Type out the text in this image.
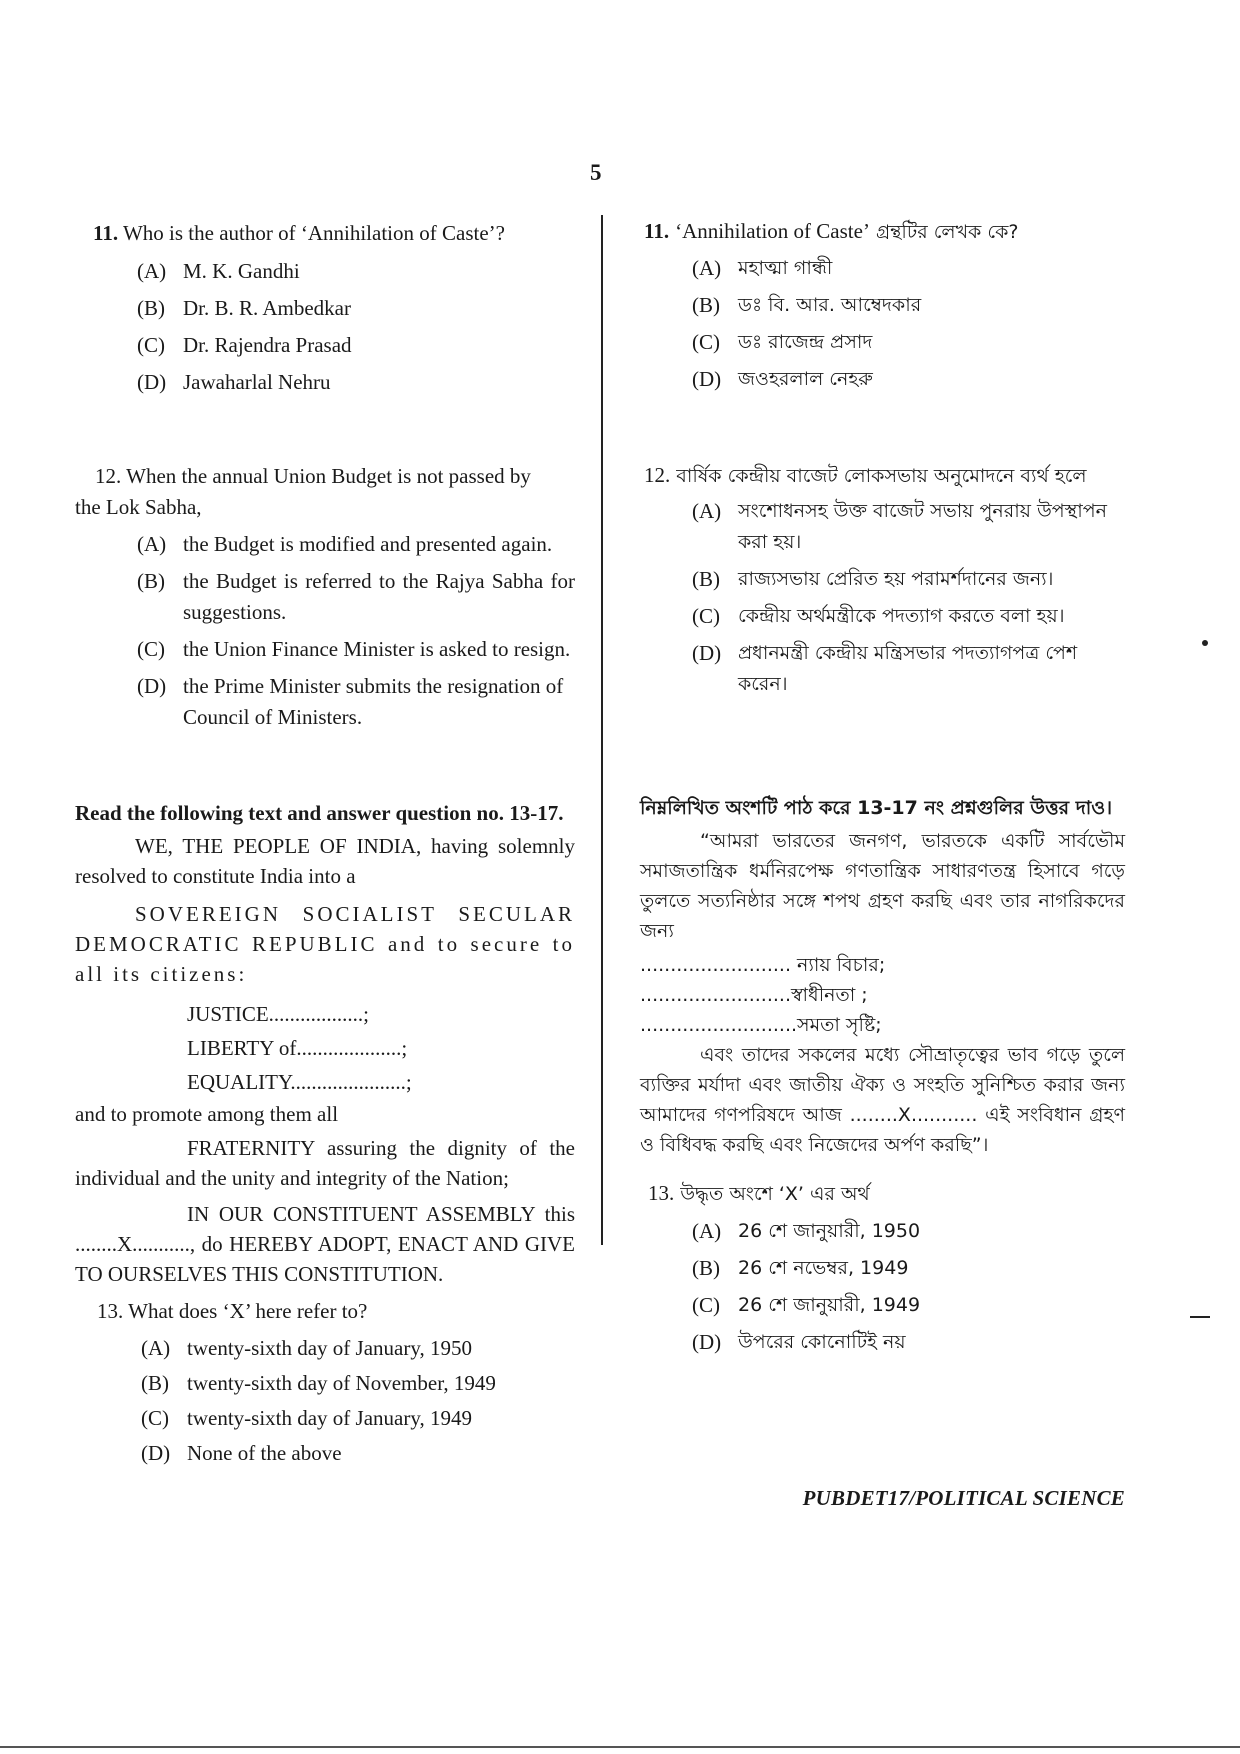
5
11. Who is the author of ‘Annihilation of Caste’?
(A) M. K. Gandhi
(B) Dr. B. R. Ambedkar
(C) Dr. Rajendra Prasad
(D) Jawaharlal Nehru
12. When the annual Union Budget is not passed by
the Lok Sabha,
(A) the Budget is modified and presented again.
(B) the Budget is referred to the Rajya Sabha for suggestions.
(C) the Union Finance Minister is asked to resign.
(D) the Prime Minister submits the resignation of Council of Ministers.
Read the following text and answer question no. 13-17.

WE, THE PEOPLE OF INDIA, having solemnly resolved to constitute India into a

SOVEREIGN SOCIALIST SECULAR DEMOCRATIC REPUBLIC and to secure to all its citizens:

JUSTICE..................;

LIBERTY of....................;

EQUALITY......................;

and to promote among them all

FRATERNITY assuring the dignity of the individual and the unity and integrity of the Nation;

IN OUR CONSTITUENT ASSEMBLY this ........X..........., do HEREBY ADOPT, ENACT AND GIVE TO OURSELVES THIS CONSTITUTION.

13. What does ‘X’ here refer to?
(A) twenty-sixth day of January, 1950
(B) twenty-sixth day of November, 1949
(C) twenty-sixth day of January, 1949
(D) None of the above
11. ‘Annihilation of Caste’ গ্রন্থটির লেখক কে?
(A) মহাত্মা গান্ধী
(B) ডঃ বি. আর. আম্বেদকার
(C) ডঃ রাজেন্দ্র প্রসাদ
(D) জওহরলাল নেহরু
12. বার্ষিক কেন্দ্রীয় বাজেট লোকসভায় অনুমোদনে ব্যর্থ হলে
(A) সংশোধনসহ উক্ত বাজেট সভায় পুনরায় উপস্থাপন করা হয়।
(B) রাজ্যসভায় প্রেরিত হয় পরামর্শদানের জন্য।
(C) কেন্দ্রীয় অর্থমন্ত্রীকে পদত্যাগ করতে বলা হয়।
(D) প্রধানমন্ত্রী কেন্দ্রীয় মন্ত্রিসভার পদত্যাগপত্র পেশ করেন।
নিম্নলিখিত অংশটি পাঠ করে 13-17 নং প্রশ্নগুলির উত্তর দাও।

“আমরা ভারতের জনগণ, ভারতকে একটি সার্বভৌম সমাজতান্ত্রিক ধর্মনিরপেক্ষ গণতান্ত্রিক সাধারণতন্ত্র হিসাবে গড়ে তুলতে সত্যনিষ্ঠার সঙ্গে শপথ গ্রহণ করছি এবং তার নাগরিকদের জন্য

......................... ন্যায় বিচার;

.........................স্বাধীনতা ;

..........................সমতা সৃষ্টি;

এবং তাদের সকলের মধ্যে সৌভ্রাতৃত্বের ভাব গড়ে তুলে ব্যক্তির মর্যাদা এবং জাতীয় ঐক্য ও সংহতি সুনিশ্চিত করার জন্য আমাদের গণপরিষদে আজ ........X........... এই সংবিধান গ্রহণ ও বিধিবদ্ধ করছি এবং নিজেদের অর্পণ করছি”।

13. উদ্ধৃত অংশে ‘X’ এর অর্থ
(A) 26 শে জানুয়ারী, 1950
(B) 26 শে নভেম্বর, 1949
(C) 26 শে জানুয়ারী, 1949
(D) উপরের কোনোটিই নয়
PUBDET17/POLITICAL SCIENCE
